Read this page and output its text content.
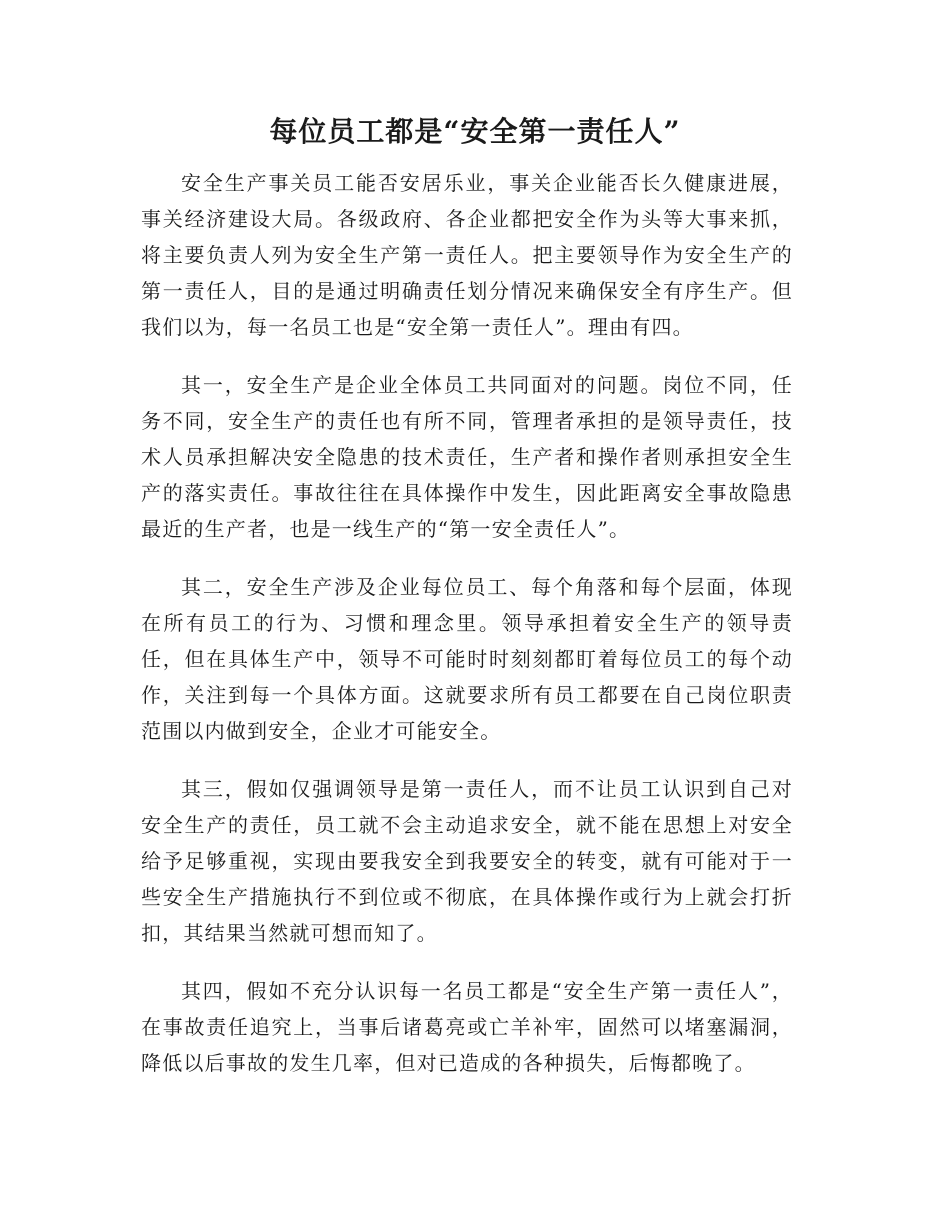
每位员工都是“安全第一责任人”

安全生产事关员工能否安居乐业，事关企业能否长久健康进展，事关经济建设大局。各级政府、各企业都把安全作为头等大事来抓，将主要负责人列为安全生产第一责任人。把主要领导作为安全生产的第一责任人，目的是通过明确责任划分情况来确保安全有序生产。但我们以为，每一名员工也是“安全第一责任人”。理由有四。

其一，安全生产是企业全体员工共同面对的问题。岗位不同，任务不同，安全生产的责任也有所不同，管理者承担的是领导责任，技术人员承担解决安全隐患的技术责任，生产者和操作者则承担安全生产的落实责任。事故往往在具体操作中发生，因此距离安全事故隐患最近的生产者，也是一线生产的“第一安全责任人”。

其二，安全生产涉及企业每位员工、每个角落和每个层面，体现在所有员工的行为、习惯和理念里。领导承担着安全生产的领导责任，但在具体生产中，领导不可能时时刻刻都盯着每位员工的每个动作，关注到每一个具体方面。这就要求所有员工都要在自己岗位职责范围以内做到安全，企业才可能安全。

其三，假如仅强调领导是第一责任人，而不让员工认识到自己对安全生产的责任，员工就不会主动追求安全，就不能在思想上对安全给予足够重视，实现由要我安全到我要安全的转变，就有可能对于一些安全生产措施执行不到位或不彻底，在具体操作或行为上就会打折扣，其结果当然就可想而知了。

其四，假如不充分认识每一名员工都是“安全生产第一责任人”，在事故责任追究上，当事后诸葛亮或亡羊补牢，固然可以堵塞漏洞，降低以后事故的发生几率，但对已造成的各种损失，后悔都晚了。
